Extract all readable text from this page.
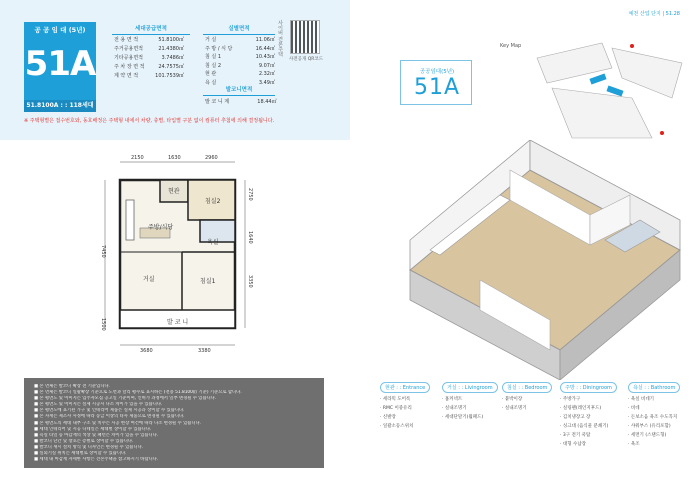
공 공 임 대 (5년)
51A
51.8100A : : 118세대
세대공급면적
전 용 면 적	51.8100㎡
주거공용면적	21.4380㎡
기타공용면적	3.7486㎡
주 차 장 면 적	24.7575㎡
계 약 면 적	101.7539㎡
실별면적
거 실	11.06㎡
주 방 / 식 당	16.44㎡
침 실 1	10.43㎡
침 실 2	9.07㎡
현 관	2.32㎡
욕 실	3.49㎡
발코니면적
발 코 니 계	18.44㎡
사이버 견본주택
사전공개 QR코드
※ 주택형별은 접수번호와, 동호배정은 주택형 내에서 차량, 층별, 타입별 구분 없이 컴퓨터 추첨에 의해 결정됩니다.
2150	1630	2960
3680	3380
7450
1500
2750
1640
3350
현관
침실2
주방/식당
욕실
거실	침실1
발 코 니
■ 본 면체은 발코니 확장 전 기준입니다.
■ 본 면체은 발코니 일괄확장 기준으로 도면과 달리 평수로 표시하는 (전용 51.8100㎡ 기준) 기준으로 합니다.
■ 본 평면도 및 이미지는 입주자모집 공고일 기준이며, 인허가 과정에서 일부 변경될 수 있습니다.
■ 본 평면도 및 이미지는 실제 시공시 다소 차이가 있을 수 있습니다.
■ 본 평면도에 표기된 가구 및 인테리어 제품은 실제 시공과 상이할 수 있습니다.
■ 본 자재는 제조사 사정에 따라 동급 이상의 타사 제품으로 변경될 수 있습니다.
■ 본 평면도의 세대 내부 구조 및 치수는 시공 현장 여건에 따라 다소 변경될 수 있습니다.
■ 세대 인테리어 및 시공 디테일은 세대별 상이할 수 있습니다.
■ 욕실 타일 등 마감재의 색상 및 패턴은 차이가 있을 수 있습니다.
■ 발코니 난간 및 창호는 층별로 상이할 수 있습니다.
■ 발코니 섀시 설치 방식 및 디자인은 변경될 수 있습니다.
■ 실외기실 위치는 세대별로 상이할 수 있습니다.
■ 세대 내 마감재 자세한 사항은 견본주택을 참고하시기 바랍니다.
예천 산업 단지 | 51.28
공공임대(5년)
51A
Key Map
현관 : : Entrance
· 세라믹 도어록
· RMC 이중유리
· 신발장
· 일괄소등스위치
거실 : : Livingroom
· 홈커넥트
· 실내조명기
· 세대단말기(월패드)
침실 : : Bedroom
· 붙박이장
· 실내조명기
주방 : : Diningroom
· 주방가구
· 실링팬(레인지후드)
· 김치냉장고 장
· 싱크대 (음식물 분쇄기)
· 3구 전기 쿡탑
· 대형 수납장
욕실 : : Bathroom
· 욕실 비데기
· 비데
· 돈보소음 욕조 수도꼭지
· 샤워부스 (유리포함)
· 세면기 (스탠드형)
· 욕조
